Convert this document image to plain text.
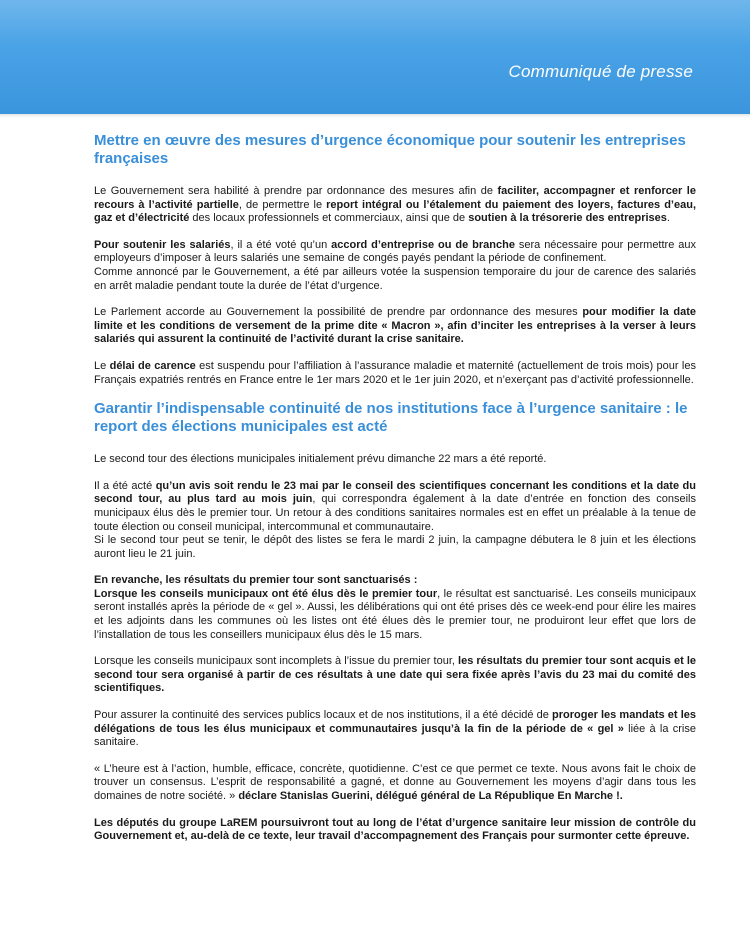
Communiqué de presse
Mettre en œuvre des mesures d’urgence économique pour soutenir les entreprises françaises

Le Gouvernement sera habilité à prendre par ordonnance des mesures afin de faciliter, accompagner et renforcer le recours à l’activité partielle, de permettre le report intégral ou l’étalement du paiement des loyers, factures d’eau, gaz et d’électricité des locaux professionnels et commerciaux, ainsi que de soutien à la trésorerie des entreprises.

Pour soutenir les salariés, il a été voté qu’un accord d’entreprise ou de branche sera nécessaire pour permettre aux employeurs d’imposer à leurs salariés une semaine de congés payés pendant la période de confinement.
Comme annoncé par le Gouvernement, a été par ailleurs votée la suspension temporaire du jour de carence des salariés en arrêt maladie pendant toute la durée de l’état d’urgence.

Le Parlement accorde au Gouvernement la possibilité de prendre par ordonnance des mesures pour modifier la date limite et les conditions de versement de la prime dite « Macron », afin d’inciter les entreprises à la verser à leurs salariés qui assurent la continuité de l’activité durant la crise sanitaire.

Le délai de carence est suspendu pour l’affiliation à l’assurance maladie et maternité (actuellement de trois mois) pour les Français expatriés rentrés en France entre le 1er mars 2020 et le 1er juin 2020, et n’exerçant pas d’activité professionnelle.

Garantir l’indispensable continuité de nos institutions face à l’urgence sanitaire : le report des élections municipales est acté

Le second tour des élections municipales initialement prévu dimanche 22 mars a été reporté.

Il a été acté qu’un avis soit rendu le 23 mai par le conseil des scientifiques concernant les conditions et la date du second tour, au plus tard au mois juin, qui correspondra également à la date d’entrée en fonction des conseils municipaux élus dès le premier tour. Un retour à des conditions sanitaires normales est en effet un préalable à la tenue de toute élection ou conseil municipal, intercommunal et communautaire.
Si le second tour peut se tenir, le dépôt des listes se fera le mardi 2 juin, la campagne débutera le 8 juin et les élections auront lieu le 21 juin.

En revanche, les résultats du premier tour sont sanctuarisés :
Lorsque les conseils municipaux ont été élus dès le premier tour, le résultat est sanctuarisé. Les conseils municipaux seront installés après la période de « gel ». Aussi, les délibérations qui ont été prises dès ce week-end pour élire les maires et les adjoints dans les communes où les listes ont été élues dès le premier tour, ne produiront leur effet que lors de l’installation de tous les conseillers municipaux élus dès le 15 mars.

Lorsque les conseils municipaux sont incomplets à l’issue du premier tour, les résultats du premier tour sont acquis et le second tour sera organisé à partir de ces résultats à une date qui sera fixée après l’avis du 23 mai du comité des scientifiques.

Pour assurer la continuité des services publics locaux et de nos institutions, il a été décidé de proroger les mandats et les délégations de tous les élus municipaux et communautaires jusqu’à la fin de la période de « gel » liée à la crise sanitaire.

« L’heure est à l’action, humble, efficace, concrète, quotidienne. C’est ce que permet ce texte. Nous avons fait le choix de trouver un consensus. L’esprit de responsabilité a gagné, et donne au Gouvernement les moyens d’agir dans tous les domaines de notre société. » déclare Stanislas Guerini, délégué général de La République En Marche !.

Les députés du groupe LaREM poursuivront tout au long de l’état d’urgence sanitaire leur mission de contrôle du Gouvernement et, au-delà de ce texte, leur travail d’accompagnement des Français pour surmonter cette épreuve.
